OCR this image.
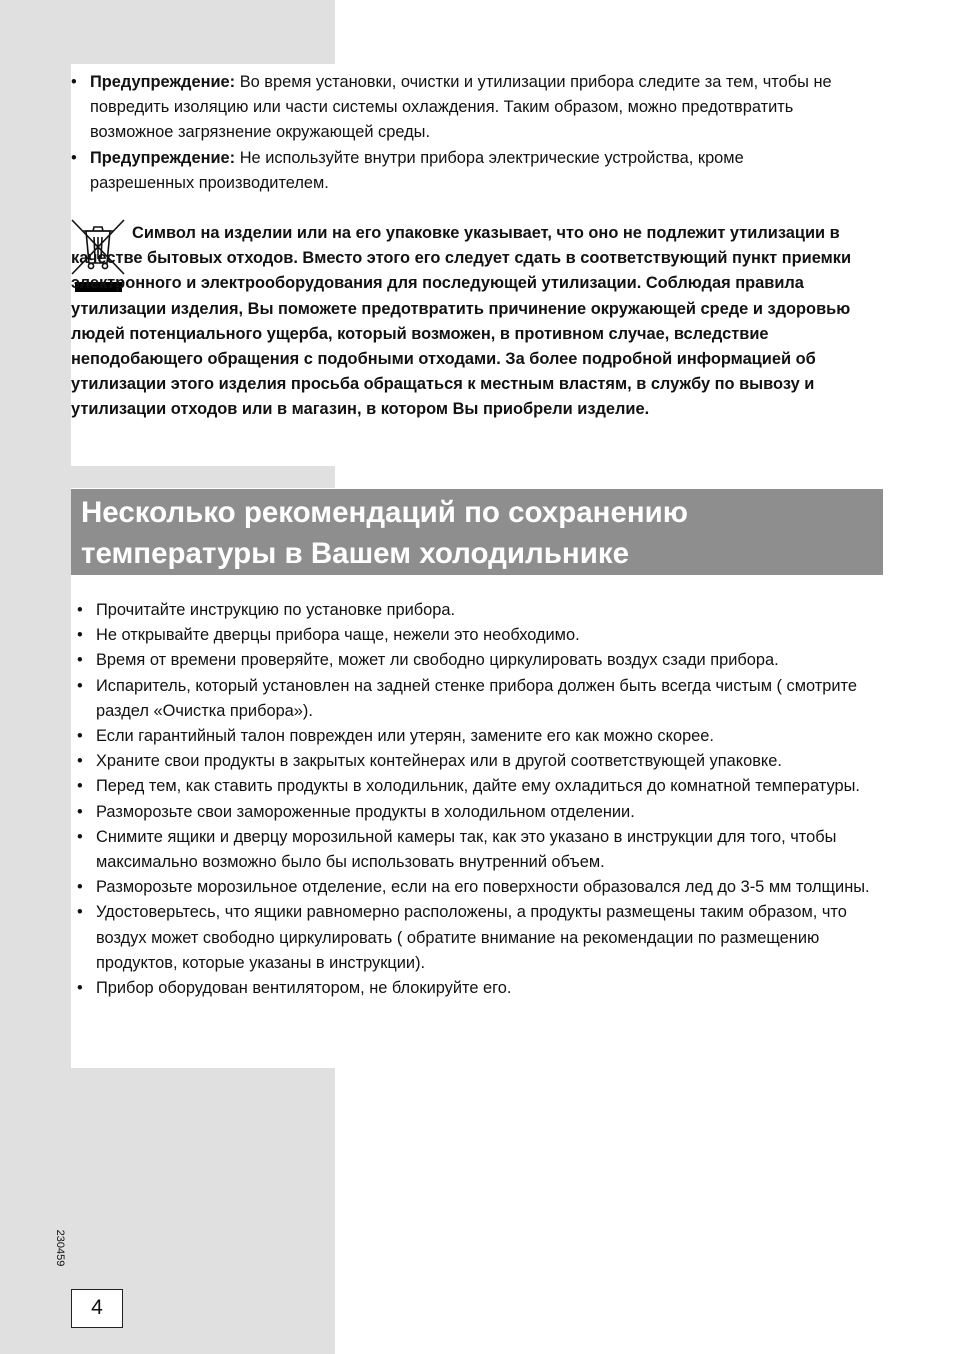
• Предупреждение: Во время установки, очистки и утилизации прибора следите за тем, чтобы не повредить изоляцию или части системы охлаждения. Таким образом, можно предотвратить возможное загрязнение окружающей среды.
• Предупреждение: Не используйте внутри прибора электрические устройства, кроме разрешенных производителем.

Символ на изделии или на его упаковке указывает, что оно не подлежит утилизации в качестве бытовых отходов. Вместо этого его следует сдать в соответствующий пункт приемки электронного и электрооборудования для последующей утилизации. Соблюдая правила утилизации изделия, Вы поможете предотвратить причинение окружающей среде и здоровью людей потенциального ущерба, который возможен, в противном случае, вследствие неподобающего обращения с подобными отходами. За более подробной информацией об утилизации этого изделия просьба обращаться к местным властям, в службу по вывозу и утилизации отходов или в магазин, в котором Вы приобрели изделие.

Несколько рекомендаций по сохранению
температуры в Вашем холодильнике
• Прочитайте инструкцию по установке прибора.
• Не открывайте дверцы прибора чаще, нежели это необходимо.
• Время от времени проверяйте, может ли свободно циркулировать воздух сзади прибора.
• Испаритель, который установлен на задней стенке прибора должен быть всегда чистым ( смотрите раздел «Очистка прибора»).
• Если гарантийный талон поврежден или утерян, замените его как можно скорее.
• Храните свои продукты в закрытых контейнерах или в другой соответствующей упаковке.
• Перед тем, как ставить продукты в холодильник, дайте ему охладиться до комнатной температуры.
• Разморозьте свои замороженные продукты в холодильном отделении.
• Снимите ящики и дверцу морозильной камеры так, как это указано в инструкции для того, чтобы максимально возможно было бы использовать внутренний объем.
• Разморозьте морозильное отделение, если на его поверхности образовался лед до 3-5 мм толщины.
• Удостоверьтесь, что ящики равномерно расположены, а продукты размещены таким образом, что воздух может свободно циркулировать ( обратите внимание на рекомендации по размещению продуктов, которые указаны в инструкции).
• Прибор оборудован вентилятором, не блокируйте его.
230459
4
